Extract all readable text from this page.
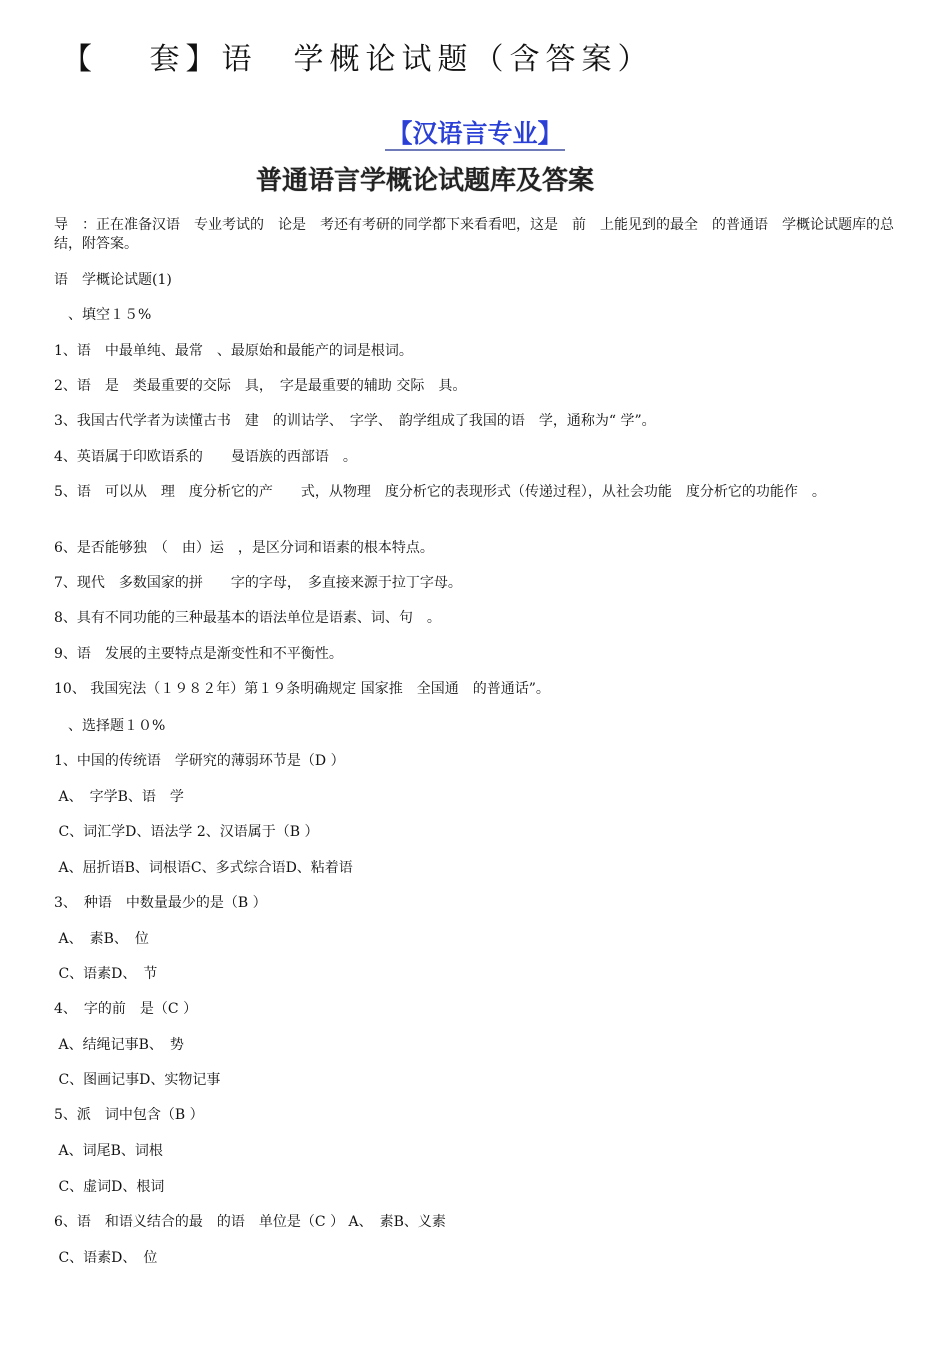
【　 套】语　学概论试题（含答案）
【汉语言专业】
普通语言学概论试题库及答案

导　：正在准备汉语　专业考试的　论是　考还有考研的同学都下来看看吧，这是　前　上能见到的最全　的普通语　学概论试题库的总结，附答案。

语　学概论试题(1)

　、填空１５%

1、语　中最单纯、最常　、最原始和最能产的词是根词。

2、语　是　类最重要的交际　具，　字是最重要的辅助 交际　具。

3、我国古代学者为读懂古书　建　的训诂学、　字学、　韵学组成了我国的语　学，通称为“ 学”。

4、英语属于印欧语系的　　曼语族的西部语　。

5、语　可以从　理　度分析它的产　　式，从物理　度分析它的表现形式（传递过程），从社会功能　度分析它的功能作　。

6、是否能够独　（　由）运　，是区分词和语素的根本特点。

7、现代　多数国家的拼　　字的字母，　多直接来源于拉丁字母。

8、具有不同功能的三种最基本的语法单位是语素、词、句　。

9、语　发展的主要特点是渐变性和不平衡性。

10、 我国宪法（１９８２年）第１９条明确规定 国家推　全国通　的普通话”。

　、选择题１０%

1、中国的传统语　学研究的薄弱环节是（D ）

A、　字学B、语　学

C、词汇学D、语法学 2、汉语属于（B ）

A、屈折语B、词根语C、多式综合语D、粘着语

3、　种语　中数量最少的是（B ）

A、　素B、　位

C、语素D、　节

4、　字的前　是（C ）

A、结绳记事B、　势

C、图画记事D、实物记事

5、派　词中包含（B ）

A、词尾B、词根

C、虚词D、根词

6、语　和语义结合的最　的语　单位是（C ） A、　素B、义素

C、语素D、　位
